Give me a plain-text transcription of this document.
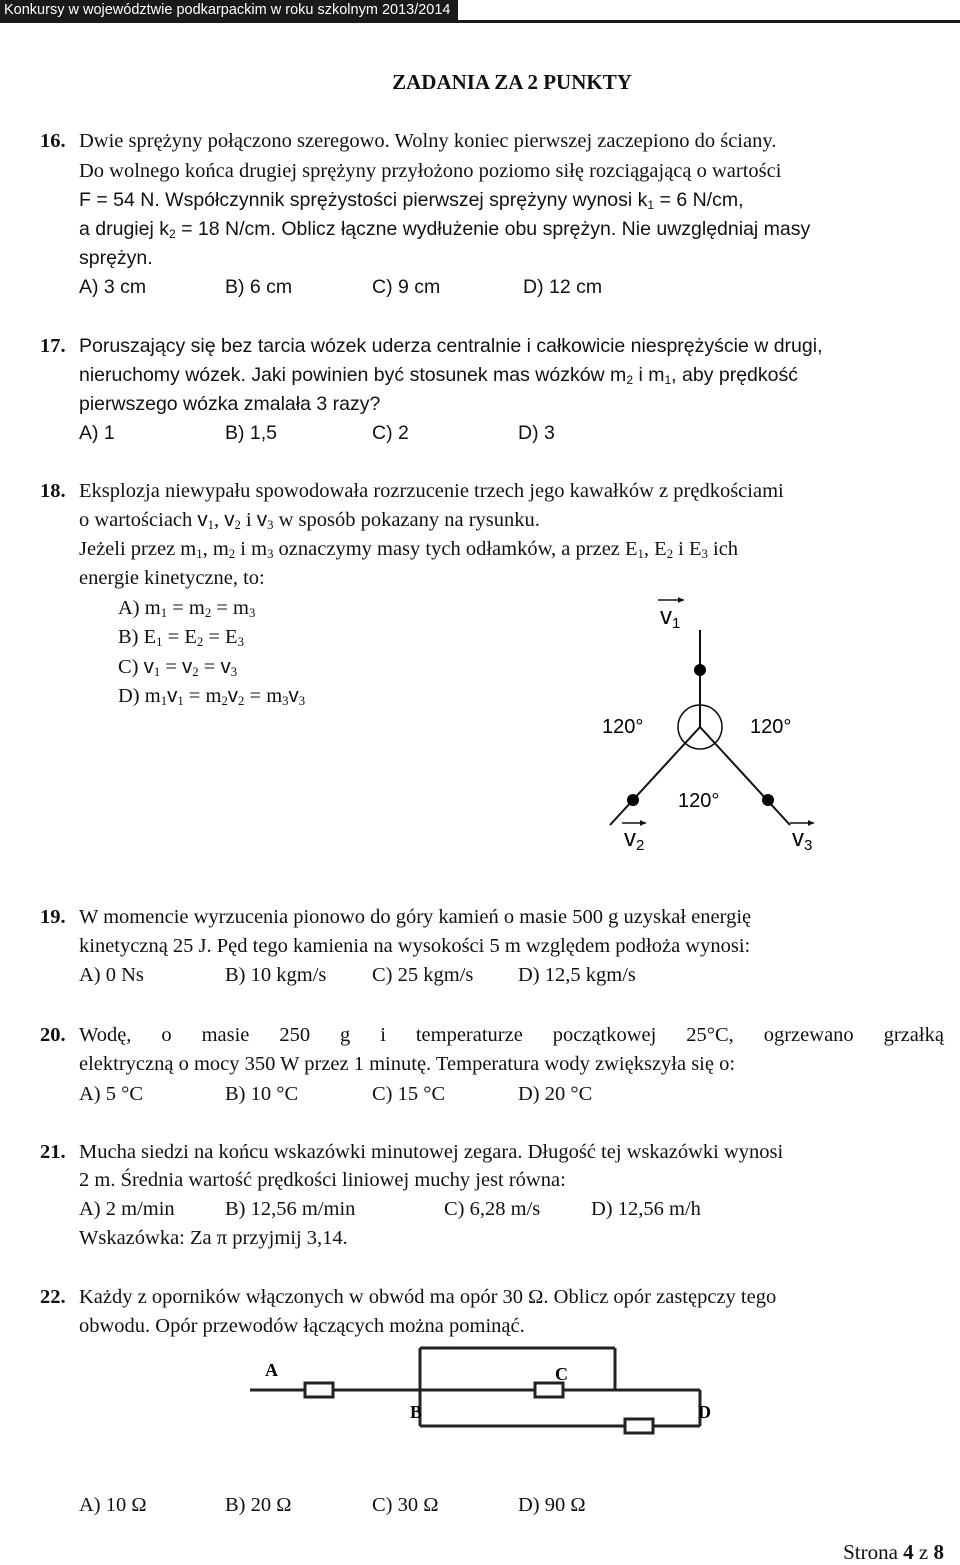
Konkursy w województwie podkarpackim w roku szkolnym 2013/2014
ZADANIA ZA 2 PUNKTY
16. Dwie sprężyny połączono szeregowo. Wolny koniec pierwszej zaczepiono do ściany.
Do wolnego końca drugiej sprężyny przyłożono poziomo siłę rozciągającą o wartości
F = 54 N. Współczynnik sprężystości pierwszej sprężyny wynosi $k_1 = 6$ N/cm,
a drugiej $k_2 = 18$ N/cm. Oblicz łączne wydłużenie obu sprężyn. Nie uwzględniaj masy
sprężyn.
A) 3 cm	B) 6 cm	C) 9 cm	D) 12 cm
17. Poruszający się bez tarcia wózek uderza centralnie i całkowicie niesprężyście w drugi,
nieruchomy wózek. Jaki powinien być stosunek mas wózków $m_2$ i $m_1$, aby prędkość
pierwszego wózka zmalała 3 razy?
A) 1	B) 1,5	C) 2	D) 3
18. Eksplozja niewypału spowodowała rozrzucenie trzech jego kawałków z prędkościami
o wartościach $v_1$, $v_2$ i $v_3$ w sposób pokazany na rysunku.
Jeżeli przez $m_1$, $m_2$ i $m_3$ oznaczymy masy tych odłamków, a przez $E_1$, $E_2$ i $E_3$ ich
energie kinetyczne, to:
A) $m_1 = m_2 = m_3$
B) $E_1 = E_2 = E_3$
C) $v_1 = v_2 = v_3$
D) $m_1v_1 = m_2v_2 = m_3v_3$
v1
120°	120°
120°
v2	v3
19. W momencie wyrzucenia pionowo do góry kamień o masie 500 g uzyskał energię
kinetyczną 25 J. Pęd tego kamienia na wysokości 5 m względem podłoża wynosi:
A) 0 Ns	B) 10 kgm/s C) 25 kgm/s D) 12,5 kgm/s
20. Wodę, o masie 250 g i temperaturze początkowej 25°C, ogrzewano grzałką
elektryczną o mocy 350 W przez 1 minutę. Temperatura wody zwiększyła się o:
A) 5 °C	B) 10 °C	C) 15 °C	D) 20 °C
21. Mucha siedzi na końcu wskazówki minutowej zegara. Długość tej wskazówki wynosi
2 m. Średnia wartość prędkości liniowej muchy jest równa:
A) 2 m/min B) 12,56 m/min	C) 6,28 m/s D) 12,56 m/h
Wskazówka: Za π przyjmij 3,14.
22. Każdy z oporników włączonych w obwód ma opór 30 Ω. Oblicz opór zastępczy tego
obwodu. Opór przewodów łączących można pominąć.
A
B
C
D
A) 10 Ω	B) 20 Ω	C) 30 Ω	D) 90 Ω
Strona 4 z 8
